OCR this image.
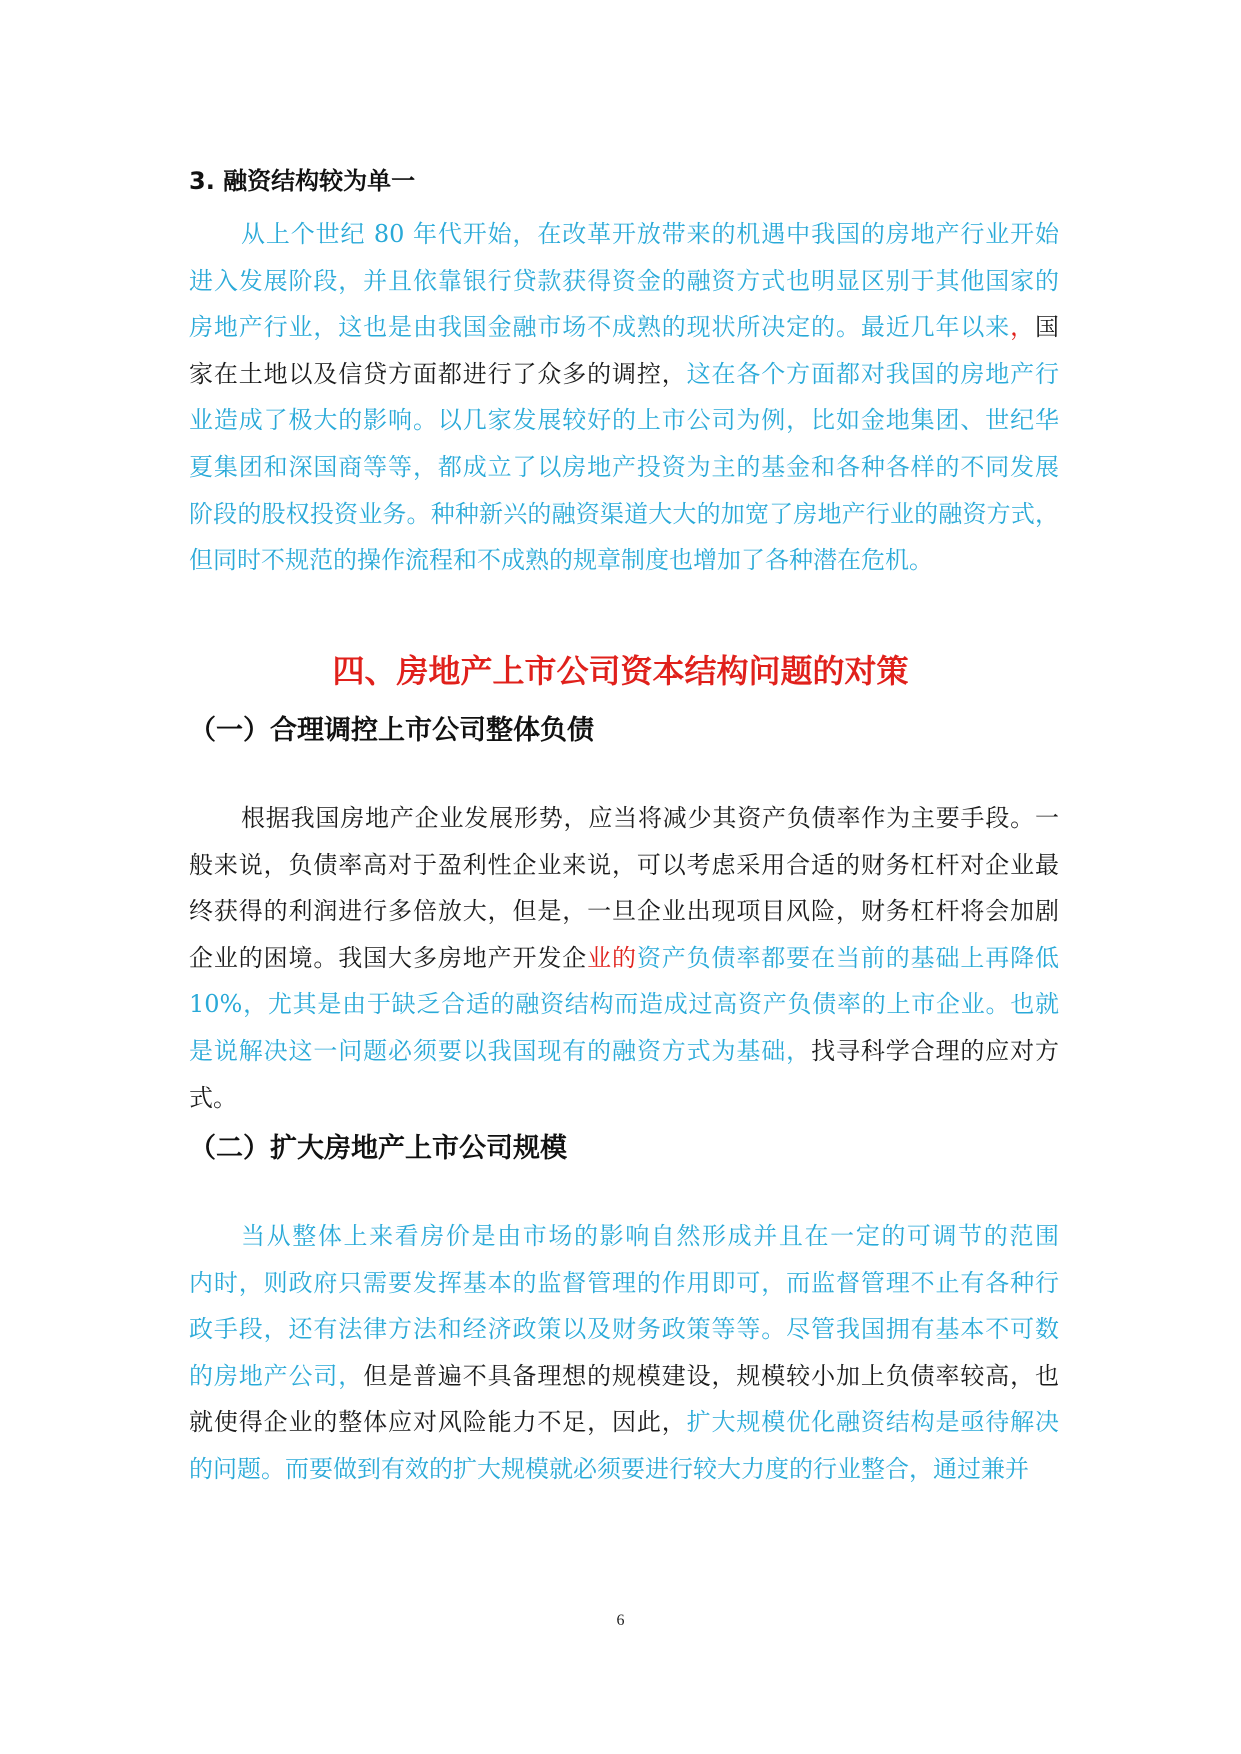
3. 融资结构较为单一
从上个世纪 80 年代开始，在改革开放带来的机遇中我国的房地产行业开始
进入发展阶段，并且依靠银行贷款获得资金的融资方式也明显区别于其他国家的
房地产行业，这也是由我国金融市场不成熟的现状所决定的。最近几年以来，国
家在土地以及信贷方面都进行了众多的调控，这在各个方面都对我国的房地产行
业造成了极大的影响。以几家发展较好的上市公司为例，比如金地集团、世纪华
夏集团和深国商等等，都成立了以房地产投资为主的基金和各种各样的不同发展
阶段的股权投资业务。种种新兴的融资渠道大大的加宽了房地产行业的融资方式，
但同时不规范的操作流程和不成熟的规章制度也增加了各种潜在危机。
四、房地产上市公司资本结构问题的对策
（一）合理调控上市公司整体负债
根据我国房地产企业发展形势，应当将减少其资产负债率作为主要手段。一
般来说，负债率高对于盈利性企业来说，可以考虑采用合适的财务杠杆对企业最
终获得的利润进行多倍放大，但是，一旦企业出现项目风险，财务杠杆将会加剧
企业的困境。我国大多房地产开发企业的资产负债率都要在当前的基础上再降低
10%，尤其是由于缺乏合适的融资结构而造成过高资产负债率的上市企业。也就
是说解决这一问题必须要以我国现有的融资方式为基础，找寻科学合理的应对方
式。
（二）扩大房地产上市公司规模
当从整体上来看房价是由市场的影响自然形成并且在一定的可调节的范围
内时，则政府只需要发挥基本的监督管理的作用即可，而监督管理不止有各种行
政手段，还有法律方法和经济政策以及财务政策等等。尽管我国拥有基本不可数
的房地产公司，但是普遍不具备理想的规模建设，规模较小加上负债率较高，也
就使得企业的整体应对风险能力不足，因此，扩大规模优化融资结构是亟待解决
的问题。而要做到有效的扩大规模就必须要进行较大力度的行业整合，通过兼并
6
